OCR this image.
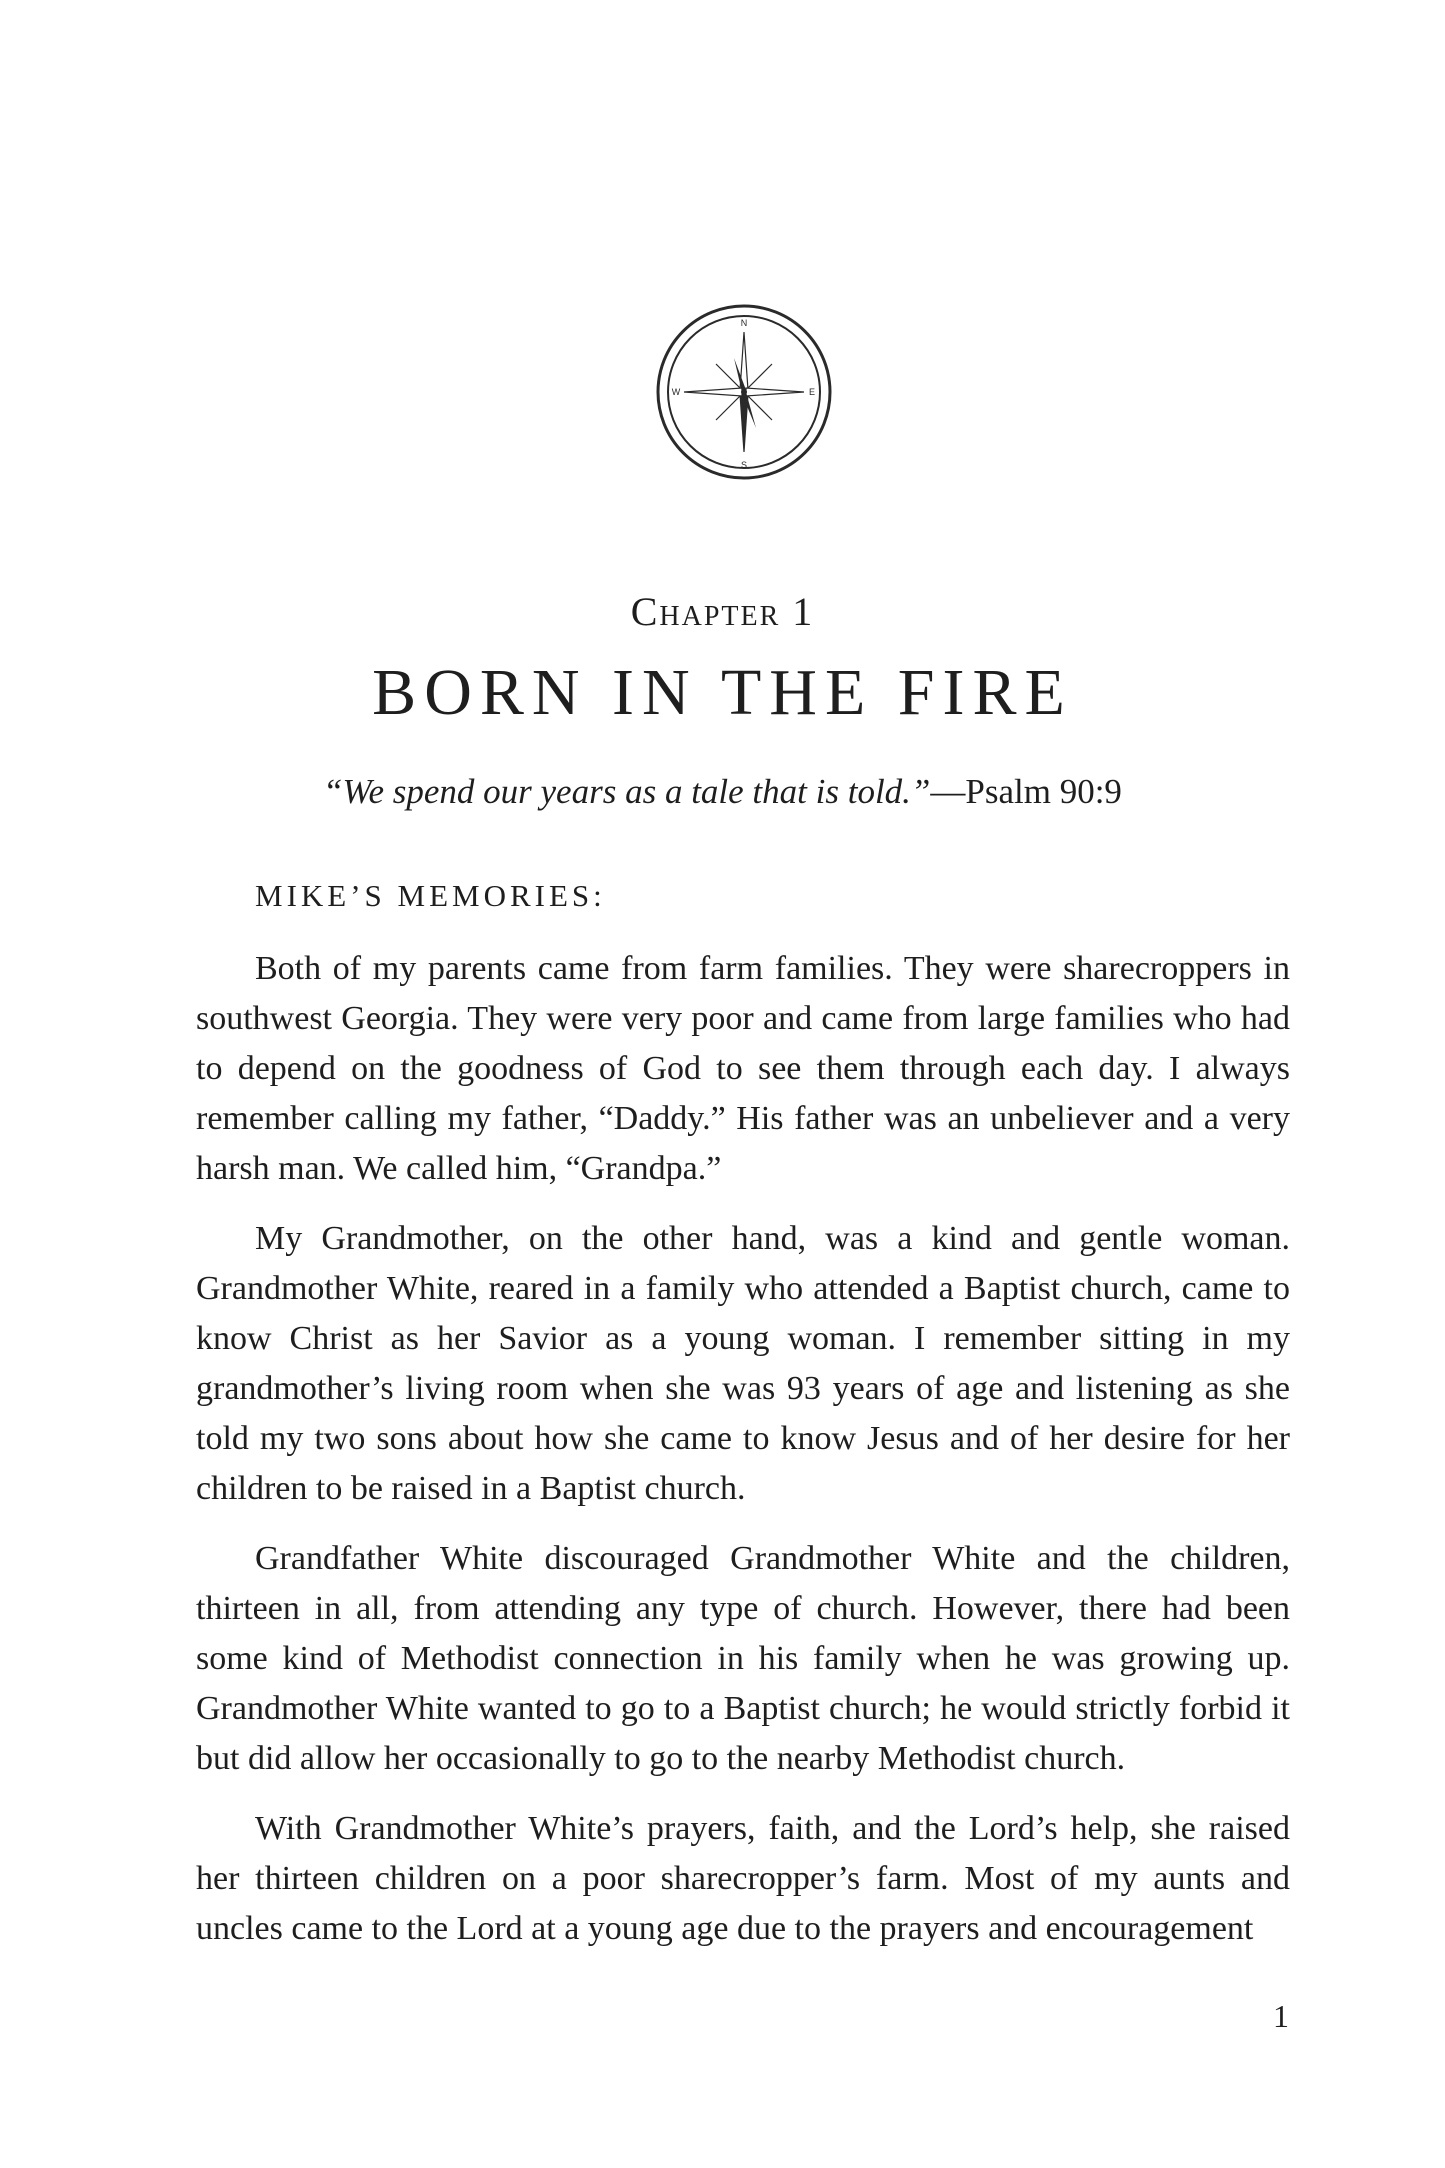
N
S
W	E
Chapter 1
BORN IN THE FIRE
“We spend our years as a tale that is told.”—Psalm 90:9
MIKE’S MEMORIES:

Both of my parents came from farm families. They were sharecroppers in southwest Georgia. They were very poor and came from large families who had to depend on the goodness of God to see them through each day. I always remember calling my father, “Daddy.” His father was an unbeliever and a very harsh man. We called him, “Grandpa.”

My Grandmother, on the other hand, was a kind and gentle woman. Grandmother White, reared in a family who attended a Baptist church, came to know Christ as her Savior as a young woman. I remember sitting in my grandmother’s living room when she was 93 years of age and listening as she told my two sons about how she came to know Jesus and of her desire for her children to be raised in a Baptist church.

Grandfather White discouraged Grandmother White and the children, thirteen in all, from attending any type of church. However, there had been some kind of Methodist connection in his family when he was growing up. Grandmother White wanted to go to a Baptist church; he would strictly forbid it but did allow her occasionally to go to the nearby Methodist church.

With Grandmother White’s prayers, faith, and the Lord’s help, she raised her thirteen children on a poor sharecropper’s farm. Most of my aunts and uncles came to the Lord at a young age due to the prayers and encouragement

1
